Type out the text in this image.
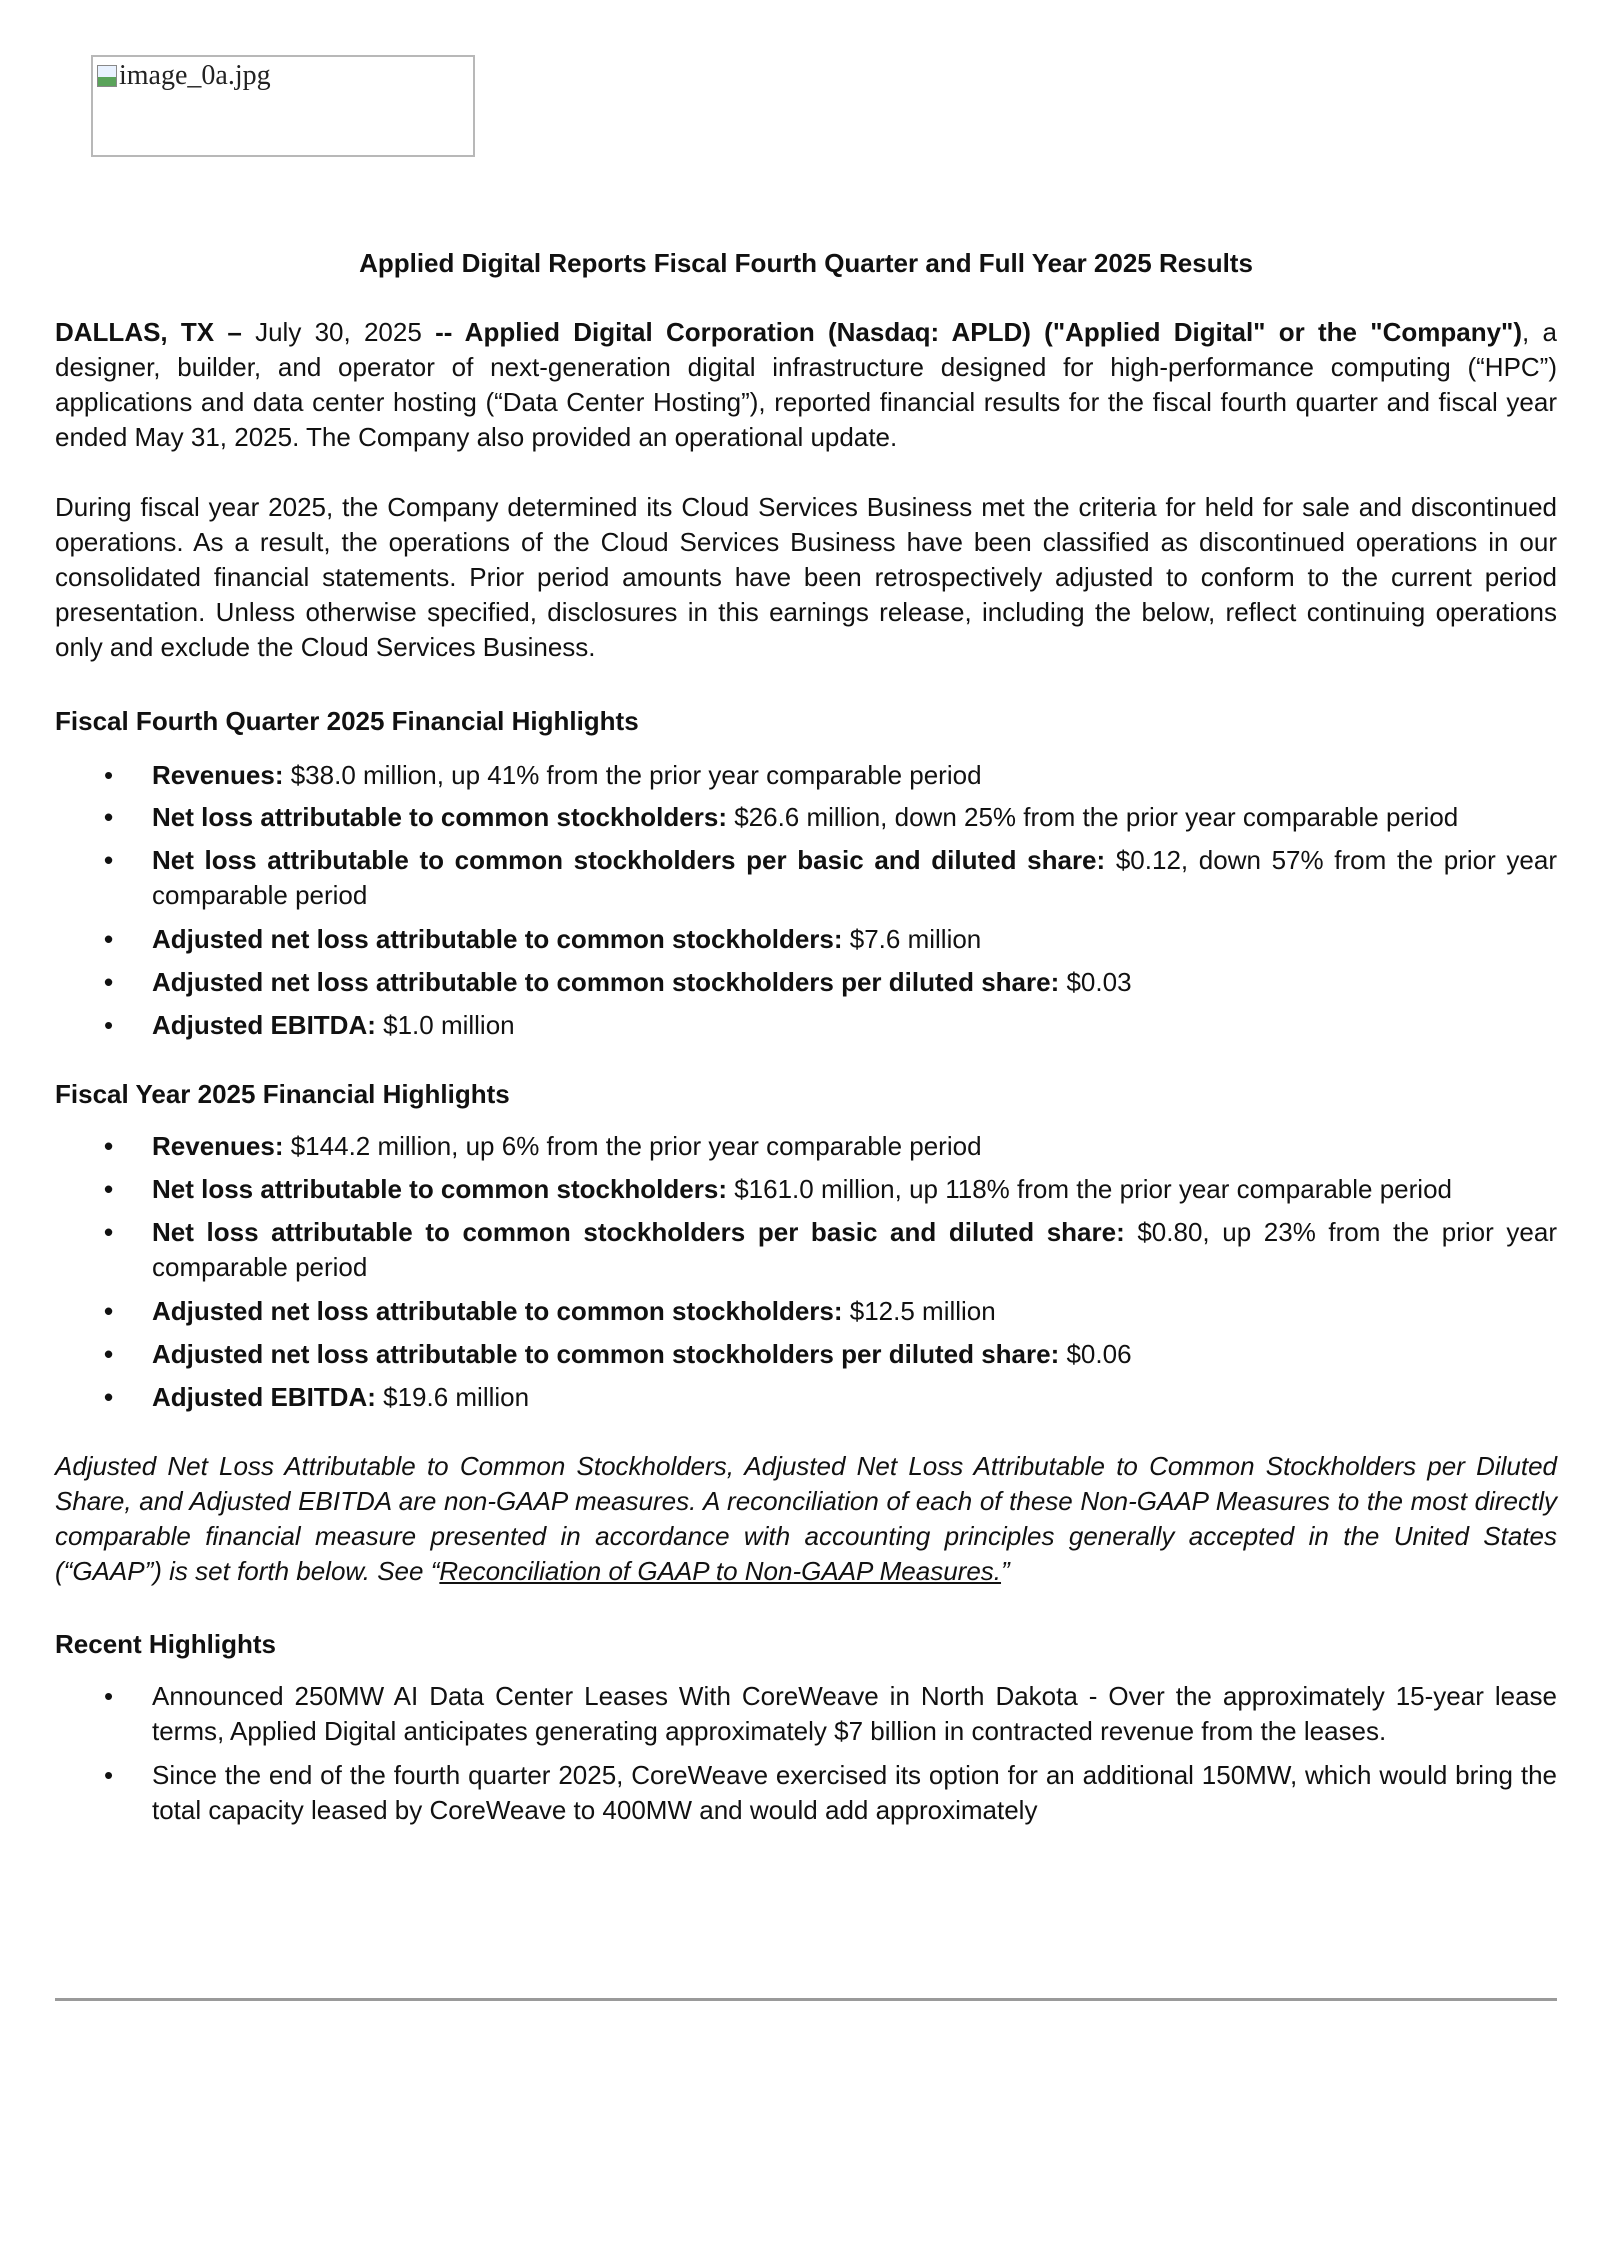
image_0a.jpg
Applied Digital Reports Fiscal Fourth Quarter and Full Year 2025 Results

DALLAS, TX – July 30, 2025 -- Applied Digital Corporation (Nasdaq: APLD) ("Applied Digital" or the "Company"), a designer, builder, and operator of next-generation digital infrastructure designed for high-performance computing (“HPC”) applications and data center hosting (“Data Center Hosting”), reported financial results for the fiscal fourth quarter and fiscal year ended May 31, 2025. The Company also provided an operational update.

During fiscal year 2025, the Company determined its Cloud Services Business met the criteria for held for sale and discontinued operations. As a result, the operations of the Cloud Services Business have been classified as discontinued operations in our consolidated financial statements. Prior period amounts have been retrospectively adjusted to conform to the current period presentation. Unless otherwise specified, disclosures in this earnings release, including the below, reflect continuing operations only and exclude the Cloud Services Business.

Fiscal Fourth Quarter 2025 Financial Highlights
• Revenues: $38.0 million, up 41% from the prior year comparable period
• Net loss attributable to common stockholders: $26.6 million, down 25% from the prior year comparable period
• Net loss attributable to common stockholders per basic and diluted share: $0.12, down 57% from the prior year comparable period
• Adjusted net loss attributable to common stockholders: $7.6 million
• Adjusted net loss attributable to common stockholders per diluted share: $0.03
• Adjusted EBITDA: $1.0 million
Fiscal Year 2025 Financial Highlights
• Revenues: $144.2 million, up 6% from the prior year comparable period
• Net loss attributable to common stockholders: $161.0 million, up 118% from the prior year comparable period
• Net loss attributable to common stockholders per basic and diluted share: $0.80, up 23% from the prior year comparable period
• Adjusted net loss attributable to common stockholders: $12.5 million
• Adjusted net loss attributable to common stockholders per diluted share: $0.06
• Adjusted EBITDA: $19.6 million
Adjusted Net Loss Attributable to Common Stockholders, Adjusted Net Loss Attributable to Common Stockholders per Diluted Share, and Adjusted EBITDA are non-GAAP measures. A reconciliation of each of these Non-GAAP Measures to the most directly comparable financial measure presented in accordance with accounting principles generally accepted in the United States (“GAAP”) is set forth below. See “Reconciliation of GAAP to Non-GAAP Measures.”
Recent Highlights
• Announced 250MW AI Data Center Leases With CoreWeave in North Dakota - Over the approximately 15-year lease terms, Applied Digital anticipates generating approximately $7 billion in contracted revenue from the leases.
• Since the end of the fourth quarter 2025, CoreWeave exercised its option for an additional 150MW, which would bring the total capacity leased by CoreWeave to 400MW and would add approximately
